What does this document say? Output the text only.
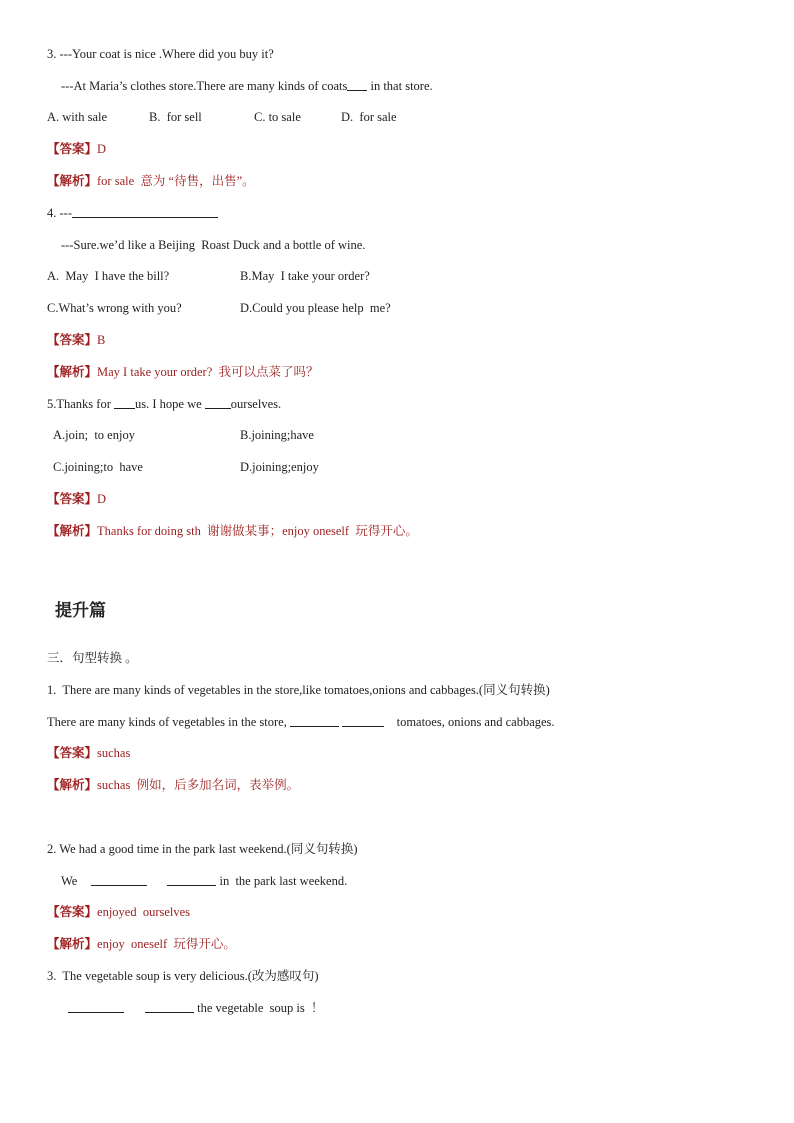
3. ---Your coat is nice .Where did you buy it?
---At Maria’s clothes store.There are many kinds of coats in that store.
A. with sale	B.  for sell	C. to sale	D.  for sale
【答案】D
【解析】for sale  意为 “待售，出售”。
4. ---
---Sure.we’d like a Beijing  Roast Duck and a bottle of wine.
A.  May  I have the bill?	B.May  I take your order?
C.What’s wrong with you?	D.Could you please help  me?
【答案】B
【解析】May I take your order?  我可以点菜了吗？
5.Thanks for us. I hope we ourselves.
A.join;  to enjoy	B.joining;have
C.joining;to  have	D.joining;enjoy
【答案】D
【解析】Thanks for doing sth  谢谢做某事；enjoy oneself  玩得开心。
提升篇
三．句型转换 。
1.  There are many kinds of vegetables in the store,like tomatoes,onions and cabbages.(同义句转换)
There are many kinds of vegetables in the store,	tomatoes, onions and cabbages.
【答案】suchas
【解析】suchas  例如，后多加名词，表举例。
2. We had a good time in the park last weekend.(同义句转换)
We	in  the park last weekend.
【答案】enjoyed  ourselves
【解析】enjoy  oneself  玩得开心。
3.  The vegetable soup is very delicious.(改为感叹句)
the vegetable  soup is  ！
